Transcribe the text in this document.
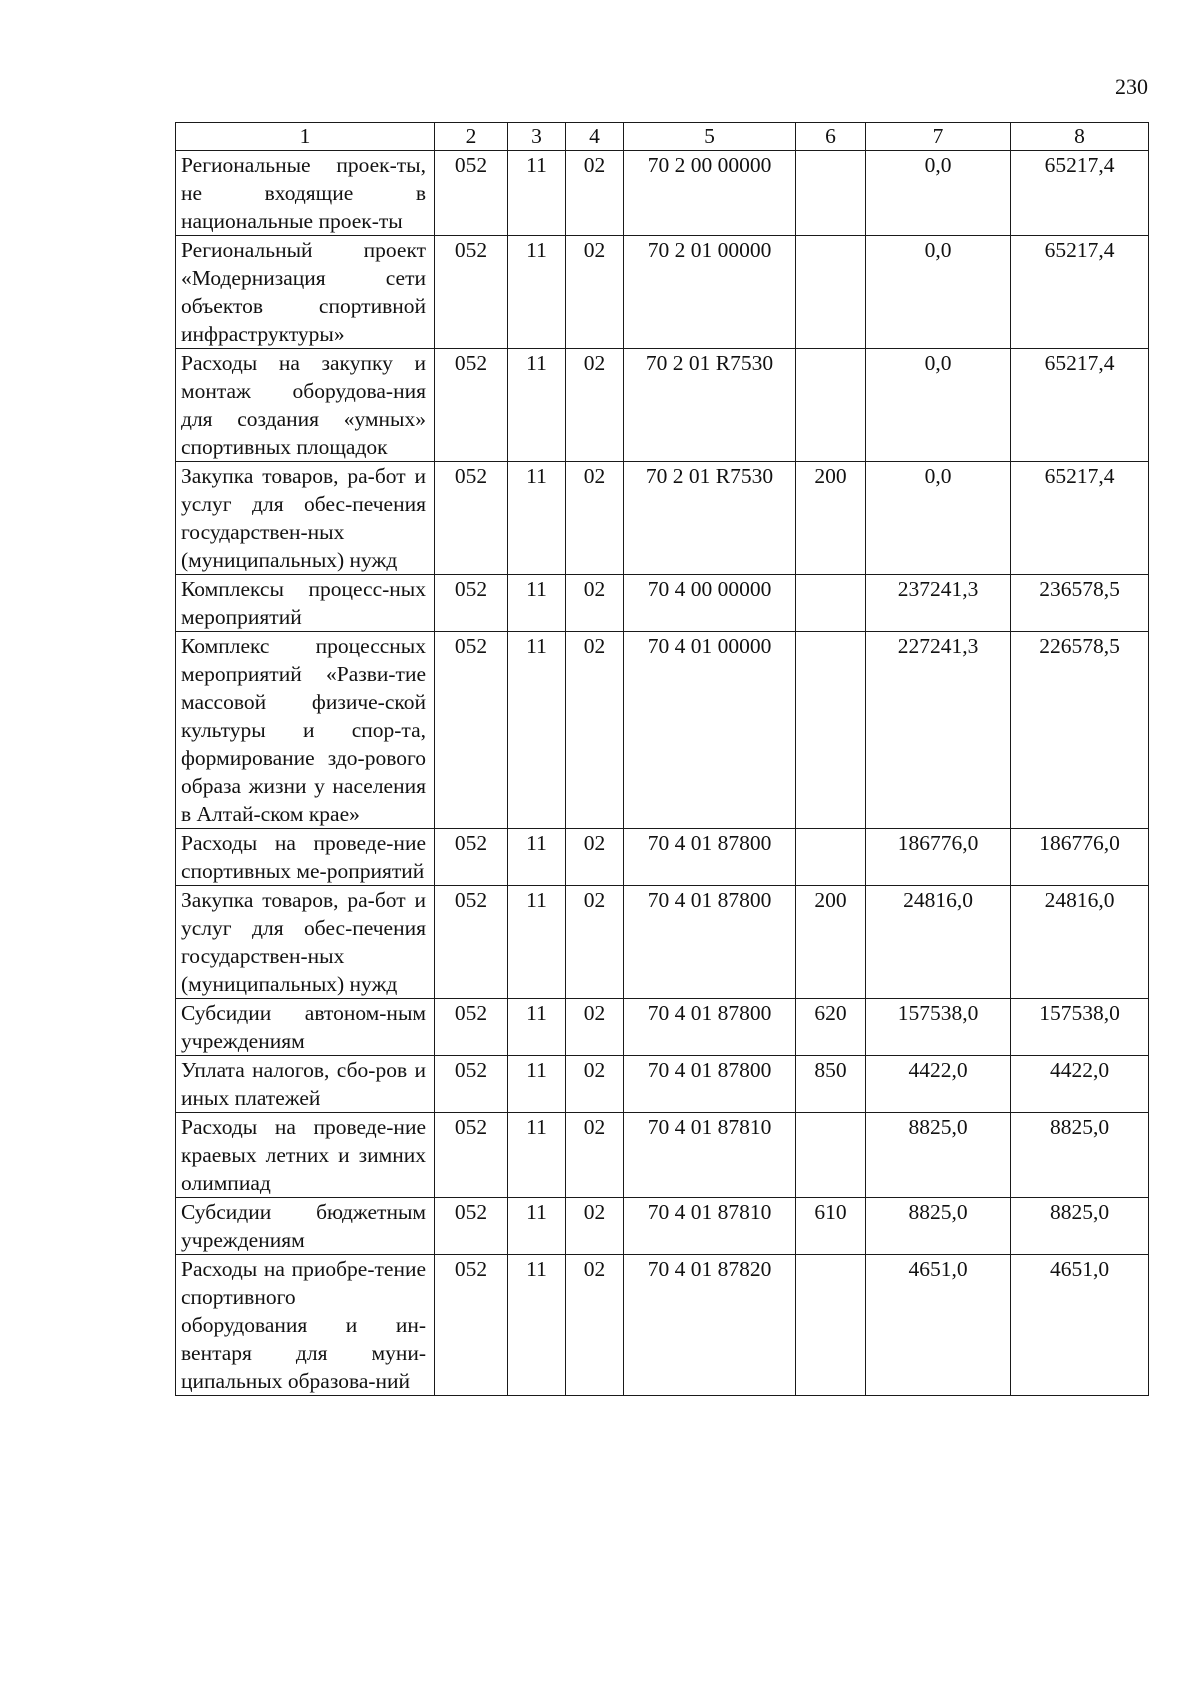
230
1	2	3	4	5	6	7	8
Региональные проек-ты, не входящие в национальные проек-ты	052	11	02	70 2 00 00000		0,0	65217,4
Региональный проект «Модернизация сети объектов спортивной инфраструктуры»	052	11	02	70 2 01 00000		0,0	65217,4
Расходы на закупку и монтаж оборудова-ния для создания «умных» спортивных площадок	052	11	02	70 2 01 R7530		0,0	65217,4
Закупка товаров, ра-бот и услуг для обес-печения государствен-ных (муниципальных) нужд	052	11	02	70 2 01 R7530	200	0,0	65217,4
Комплексы процесс-ных мероприятий	052	11	02	70 4 00 00000		237241,3	236578,5
Комплекс процессных мероприятий «Разви-тие массовой физиче-ской культуры и спор-та, формирование здо-рового образа жизни у населения в Алтай-ском крае»	052	11	02	70 4 01 00000		227241,3	226578,5
Расходы на проведе-ние спортивных ме-роприятий	052	11	02	70 4 01 87800		186776,0	186776,0
Закупка товаров, ра-бот и услуг для обес-печения государствен-ных (муниципальных) нужд	052	11	02	70 4 01 87800	200	24816,0	24816,0
Субсидии автоном-ным учреждениям	052	11	02	70 4 01 87800	620	157538,0	157538,0
Уплата налогов, сбо-ров и иных платежей	052	11	02	70 4 01 87800	850	4422,0	4422,0
Расходы на проведе-ние краевых летних и зимних олимпиад	052	11	02	70 4 01 87810		8825,0	8825,0
Субсидии бюджетным учреждениям	052	11	02	70 4 01 87810	610	8825,0	8825,0
Расходы на приобре-тение спортивного оборудования и ин-вентаря для муни-ципальных образова-ний	052	11	02	70 4 01 87820		4651,0	4651,0
